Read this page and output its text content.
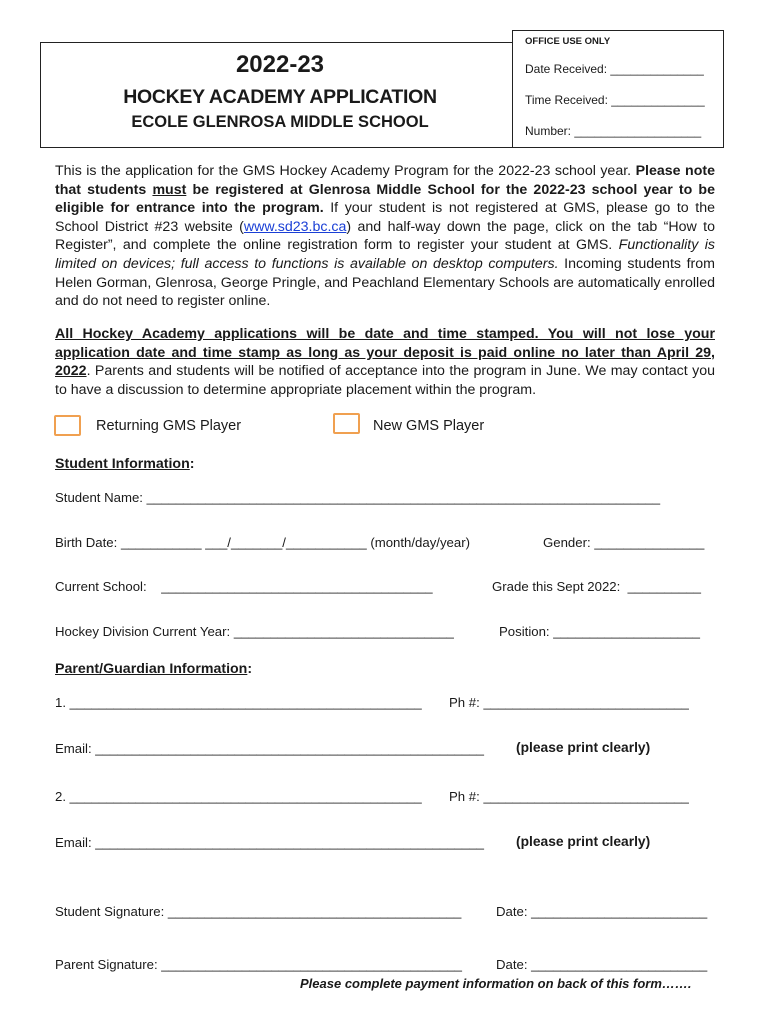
2022-23
HOCKEY ACADEMY APPLICATION
ECOLE GLENROSA MIDDLE SCHOOL
OFFICE USE ONLY
Date Received: ______________
Time Received: ______________
Number: ___________________
This is the application for the GMS Hockey Academy Program for the 2022-23 school year. Please note that students must be registered at Glenrosa Middle School for the 2022-23 school year to be eligible for entrance into the program. If your student is not registered at GMS, please go to the School District #23 website (www.sd23.bc.ca) and half-way down the page, click on the tab “How to Register”, and complete the online registration form to register your student at GMS. Functionality is limited on devices; full access to functions is available on desktop computers. Incoming students from Helen Gorman, Glenrosa, George Pringle, and Peachland Elementary Schools are automatically enrolled and do not need to register online.
All Hockey Academy applications will be date and time stamped. You will not lose your application date and time stamp as long as your deposit is paid online no later than April 29, 2022. Parents and students will be notified of acceptance into the program in June. We may contact you to have a discussion to determine appropriate placement within the program.
Returning GMS Player	New GMS Player
Student Information:
Student Name: ______________________________________________________________________
Birth Date: ___________ ___/_______/___________ (month/day/year)	Gender: _______________
Current School:    _____________________________________	Grade this Sept 2022:  __________
Hockey Division Current Year: ______________________________	Position: ____________________
Parent/Guardian Information:
1. ________________________________________________ Ph #: ____________________________
Email: _____________________________________________________ (please print clearly)
2. ________________________________________________ Ph #: ____________________________
Email: _____________________________________________________ (please print clearly)
Student Signature: ________________________________________	Date: ________________________
Parent Signature: _________________________________________	Date: ________________________
Please complete payment information on back of this form…….
